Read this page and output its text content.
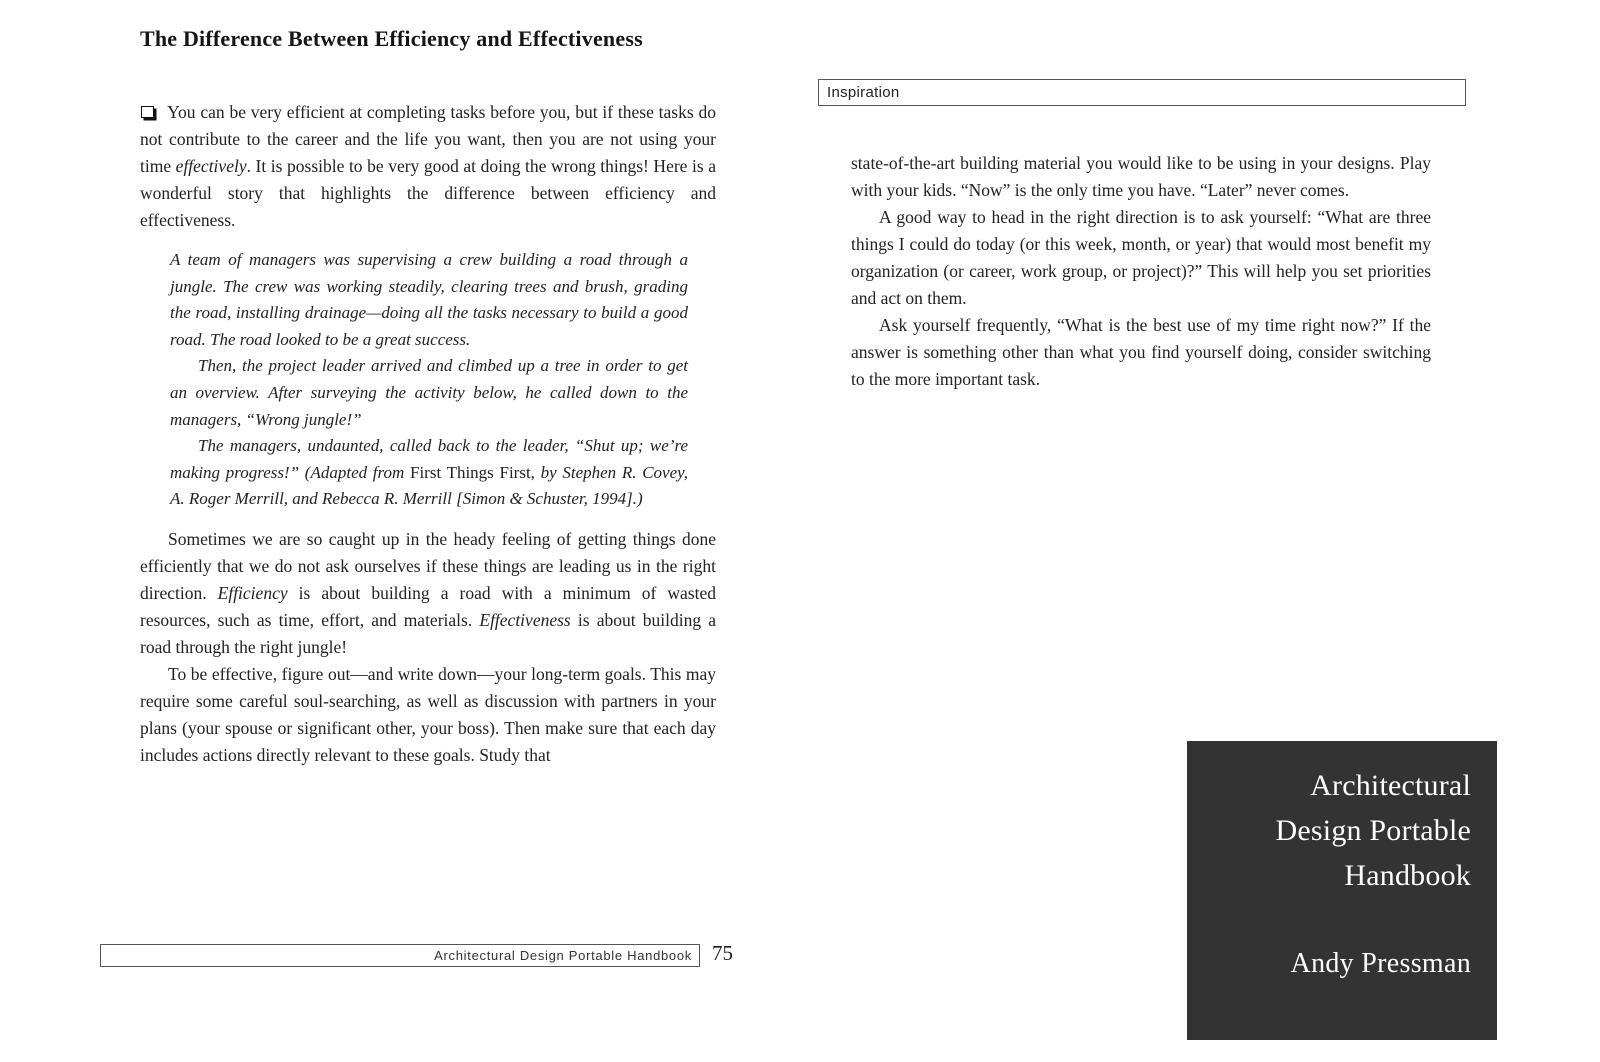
The Difference Between Efficiency and Effectiveness

You can be very efficient at completing tasks before you, but if these tasks do not contribute to the career and the life you want, then you are not using your time effectively. It is possible to be very good at doing the wrong things! Here is a wonderful story that highlights the difference between efficiency and effectiveness.

A team of managers was supervising a crew building a road through a jungle. The crew was working steadily, clearing trees and brush, grading the road, installing drainage—doing all the tasks necessary to build a good road. The road looked to be a great success.

Then, the project leader arrived and climbed up a tree in order to get an overview. After surveying the activity below, he called down to the managers, “Wrong jungle!”

The managers, undaunted, called back to the leader, “Shut up; we’re making progress!” (Adapted from First Things First, by Stephen R. Covey, A. Roger Merrill, and Rebecca R. Merrill [Simon & Schuster, 1994].)

Sometimes we are so caught up in the heady feeling of getting things done efficiently that we do not ask ourselves if these things are leading us in the right direction. Efficiency is about building a road with a minimum of wasted resources, such as time, effort, and materials. Effectiveness is about building a road through the right jungle!

To be effective, figure out—and write down—your long-term goals. This may require some careful soul-searching, as well as discussion with partners in your plans (your spouse or significant other, your boss). Then make sure that each day includes actions directly relevant to these goals. Study that

Architectural Design Portable Handbook 75
Inspiration

state-of-the-art building material you would like to be using in your designs. Play with your kids. “Now” is the only time you have. “Later” never comes.

A good way to head in the right direction is to ask yourself: “What are three things I could do today (or this week, month, or year) that would most benefit my organization (or career, work group, or project)?” This will help you set priorities and act on them.

Ask yourself frequently, “What is the best use of my time right now?” If the answer is something other than what you find yourself doing, consider switching to the more important task.

Architectural
Design Portable
Handbook
Andy Pressman
